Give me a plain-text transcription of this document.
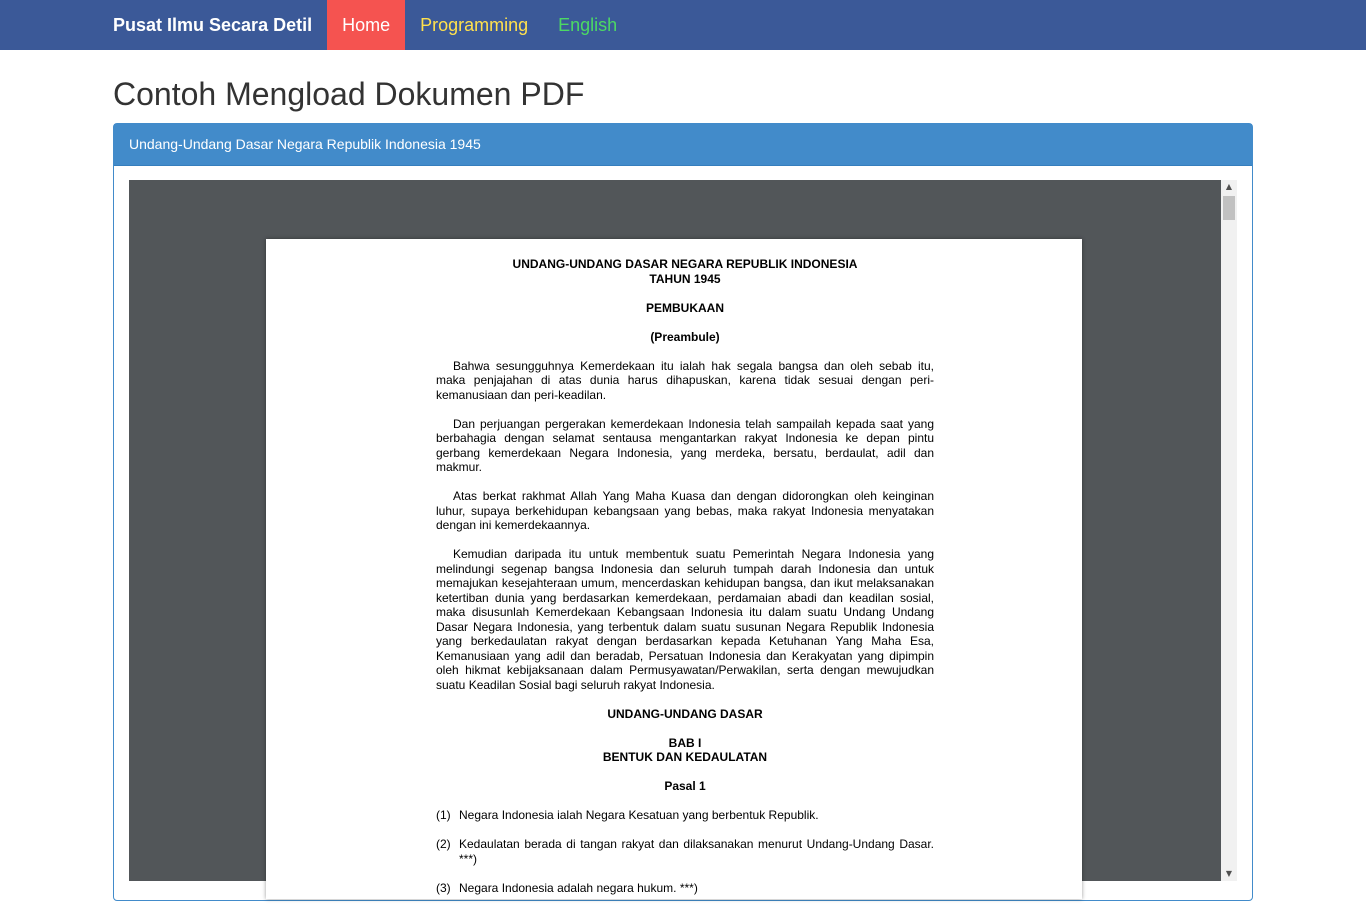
Pusat Ilmu Secara Detil	Home	Programming	English
Contoh Mengload Dokumen PDF
Undang-Undang Dasar Negara Republik Indonesia 1945
UNDANG-UNDANG DASAR NEGARA REPUBLIK INDONESIA
TAHUN 1945
PEMBUKAAN
(Preambule)

Bahwa sesungguhnya Kemerdekaan itu ialah hak segala bangsa dan oleh sebab itu, maka penjajahan di atas dunia harus dihapuskan, karena tidak sesuai dengan peri-kemanusiaan dan peri-keadilan.

Dan perjuangan pergerakan kemerdekaan Indonesia telah sampailah kepada saat yang berbahagia dengan selamat sentausa mengantarkan rakyat Indonesia ke depan pintu gerbang kemerdekaan Negara Indonesia, yang merdeka, bersatu, berdaulat, adil dan makmur.

Atas berkat rakhmat Allah Yang Maha Kuasa dan dengan didorongkan oleh keinginan luhur, supaya berkehidupan kebangsaan yang bebas, maka rakyat Indonesia menyatakan dengan ini kemerdekaannya.

Kemudian daripada itu untuk membentuk suatu Pemerintah Negara Indonesia yang melindungi segenap bangsa Indonesia dan seluruh tumpah darah Indonesia dan untuk memajukan kesejahteraan umum, mencerdaskan kehidupan bangsa, dan ikut melaksanakan ketertiban dunia yang berdasarkan kemerdekaan, perdamaian abadi dan keadilan sosial, maka disusunlah Kemerdekaan Kebangsaan Indonesia itu dalam suatu Undang Undang Dasar Negara Indonesia, yang terbentuk dalam suatu susunan Negara Republik Indonesia yang berkedaulatan rakyat dengan berdasarkan kepada Ketuhanan Yang Maha Esa, Kemanusiaan yang adil dan beradab, Persatuan Indonesia dan Kerakyatan yang dipimpin oleh hikmat kebijaksanaan dalam Permusyawatan/Perwakilan, serta dengan mewujudkan suatu Keadilan Sosial bagi seluruh rakyat Indonesia.

UNDANG-UNDANG DASAR
BAB I
BENTUK DAN KEDAULATAN
Pasal 1
(1) Negara Indonesia ialah Negara Kesatuan yang berbentuk Republik.
(2) Kedaulatan berada di tangan rakyat dan dilaksanakan menurut Undang-Undang Dasar. ***)
(3) Negara Indonesia adalah negara hukum. ***)
▲
▼
